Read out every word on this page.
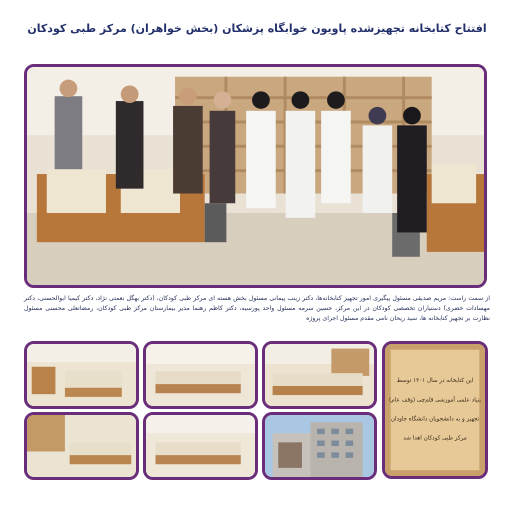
افتتاح کتابخانه تجهیزشده پاویون خوابگاه پزشکان (بخش خواهران) مرکز طبی کودکان
از سمت راست: مریم صدیقی مسئول پیگیری امور تجهیز کتابخانه‌ها، دکتر زینب پیمانی مسئول بخش هسته ای مرکز طبی کودکان، (دکتر بهگل نعمتی نژاد، دکتر کیمیا ابوالحسنی، دکتر مهسادات خضری) دستیاران تخصصی کودکان در این مرکز، حسین سرمه مسئول واحد پورسیه، دکتر کاظم رهنما مدیر بیمارستان مرکز طبی کودکان، رمضانعلی محسنی مسئول نظارت بر تجهیز کتابخانه ها، سید ریحان نامی مقدم مسئول اجرای پروژه
این کتابخانه در سال ۱۴۰۱ توسط
بنیاد علمی آموزشی قلم‌چی (وقف عام)
تجهیز و به دانشجویان دانشگاه جاودان
مرکز طبی کودکان اهدا شد
